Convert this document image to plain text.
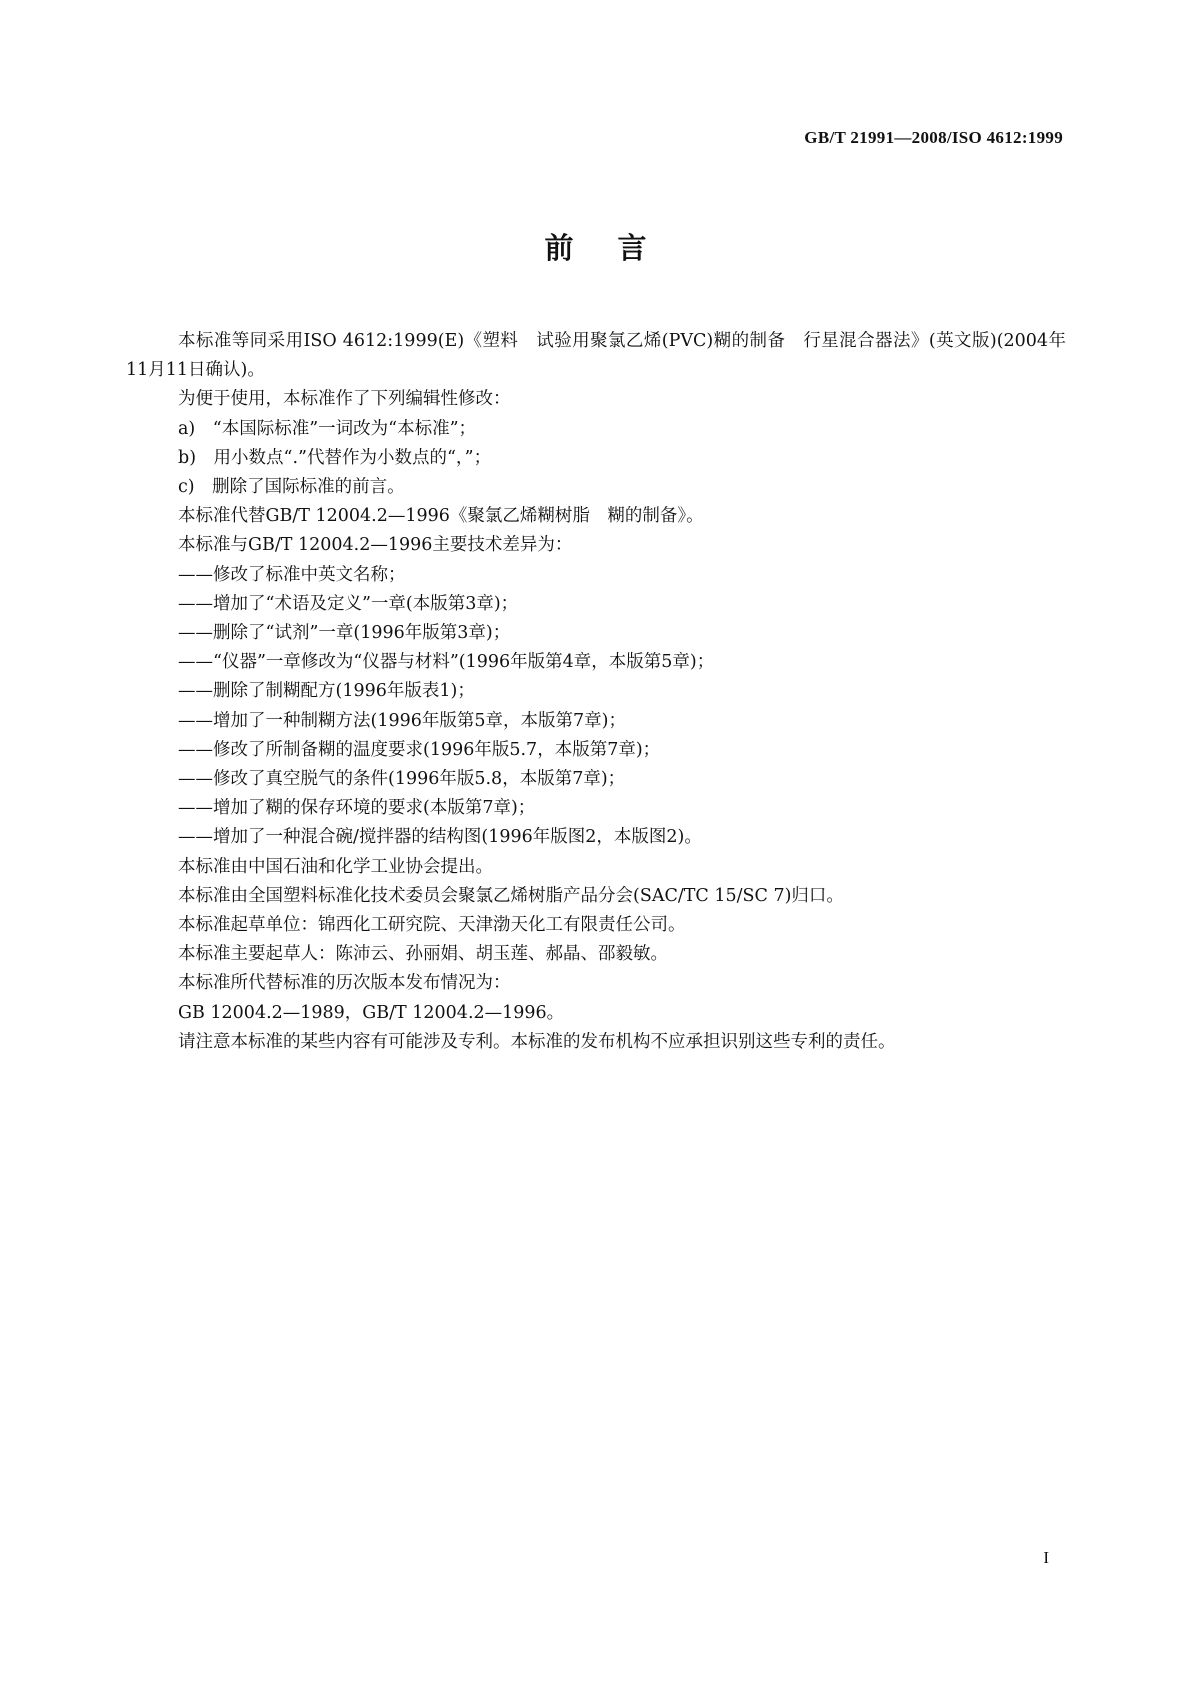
GB/T 21991—2008/ISO 4612:1999
前言

本标准等同采用ISO 4612:1999(E)《塑料　试验用聚氯乙烯(PVC)糊的制备　行星混合器法》(英文版)(2004年11月11日确认)。

为便于使用，本标准作了下列编辑性修改：

a)　“本国际标准”一词改为“本标准”；

b)　用小数点“.”代替作为小数点的“，”；

c)　删除了国际标准的前言。

本标准代替GB/T 12004.2—1996《聚氯乙烯糊树脂　糊的制备》。

本标准与GB/T 12004.2—1996主要技术差异为：

——修改了标准中英文名称；

——增加了“术语及定义”一章(本版第3章)；

——删除了“试剂”一章(1996年版第3章)；

——“仪器”一章修改为“仪器与材料”(1996年版第4章，本版第5章)；

——删除了制糊配方(1996年版表1)；

——增加了一种制糊方法(1996年版第5章，本版第7章)；

——修改了所制备糊的温度要求(1996年版5.7，本版第7章)；

——修改了真空脱气的条件(1996年版5.8，本版第7章)；

——增加了糊的保存环境的要求(本版第7章)；

——增加了一种混合碗/搅拌器的结构图(1996年版图2，本版图2)。

本标准由中国石油和化学工业协会提出。

本标准由全国塑料标准化技术委员会聚氯乙烯树脂产品分会(SAC/TC 15/SC 7)归口。

本标准起草单位：锦西化工研究院、天津渤天化工有限责任公司。

本标准主要起草人：陈沛云、孙丽娟、胡玉莲、郝晶、邵毅敏。

本标准所代替标准的历次版本发布情况为：

GB 12004.2—1989，GB/T 12004.2—1996。

请注意本标准的某些内容有可能涉及专利。本标准的发布机构不应承担识别这些专利的责任。

I
